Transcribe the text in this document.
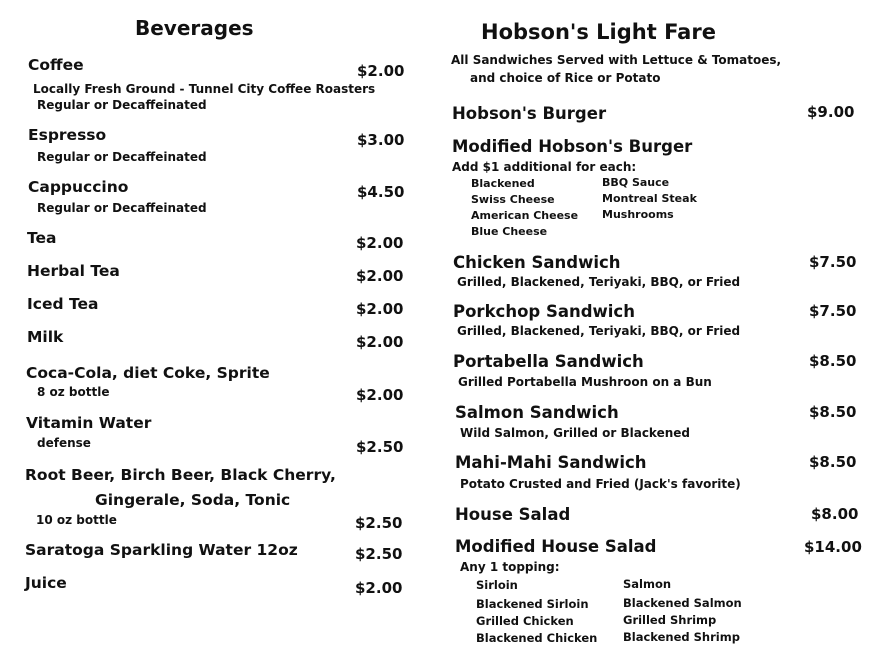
Beverages
Coffee	$2.00
Locally Fresh Ground - Tunnel City Coffee Roasters
Regular or Decaffeinated
Espresso	$3.00
Regular or Decaffeinated
Cappuccino	$4.50
Regular or Decaffeinated
Tea	$2.00
Herbal Tea	$2.00
Iced Tea	$2.00
Milk	$2.00
Coca-Cola, diet Coke, Sprite
8 oz bottle	$2.00
Vitamin Water
defense	$2.50
Root Beer, Birch Beer, Black Cherry,
Gingerale, Soda, Tonic
10 oz bottle	$2.50
Saratoga Sparkling Water 12oz	$2.50
Juice	$2.00
Hobson's Light Fare
All Sandwiches Served with Lettuce & Tomatoes,
and choice of Rice or Potato
Hobson's Burger	$9.00
Modified Hobson's Burger
Add $1 additional for each:
Blackened
Swiss Cheese
American Cheese
Blue Cheese
BBQ Sauce
Montreal Steak
Mushrooms
Chicken Sandwich	$7.50
Grilled, Blackened, Teriyaki, BBQ, or Fried
Porkchop Sandwich	$7.50
Grilled, Blackened, Teriyaki, BBQ, or Fried
Portabella Sandwich	$8.50
Grilled Portabella Mushroon on a Bun
Salmon Sandwich	$8.50
Wild Salmon, Grilled or Blackened
Mahi-Mahi Sandwich	$8.50
Potato Crusted and Fried (Jack's favorite)
House Salad	$8.00
Modified House Salad	$14.00
Any 1 topping:
Sirloin
Blackened Sirloin
Grilled Chicken
Blackened Chicken
Salmon
Blackened Salmon
Grilled Shrimp
Blackened Shrimp
